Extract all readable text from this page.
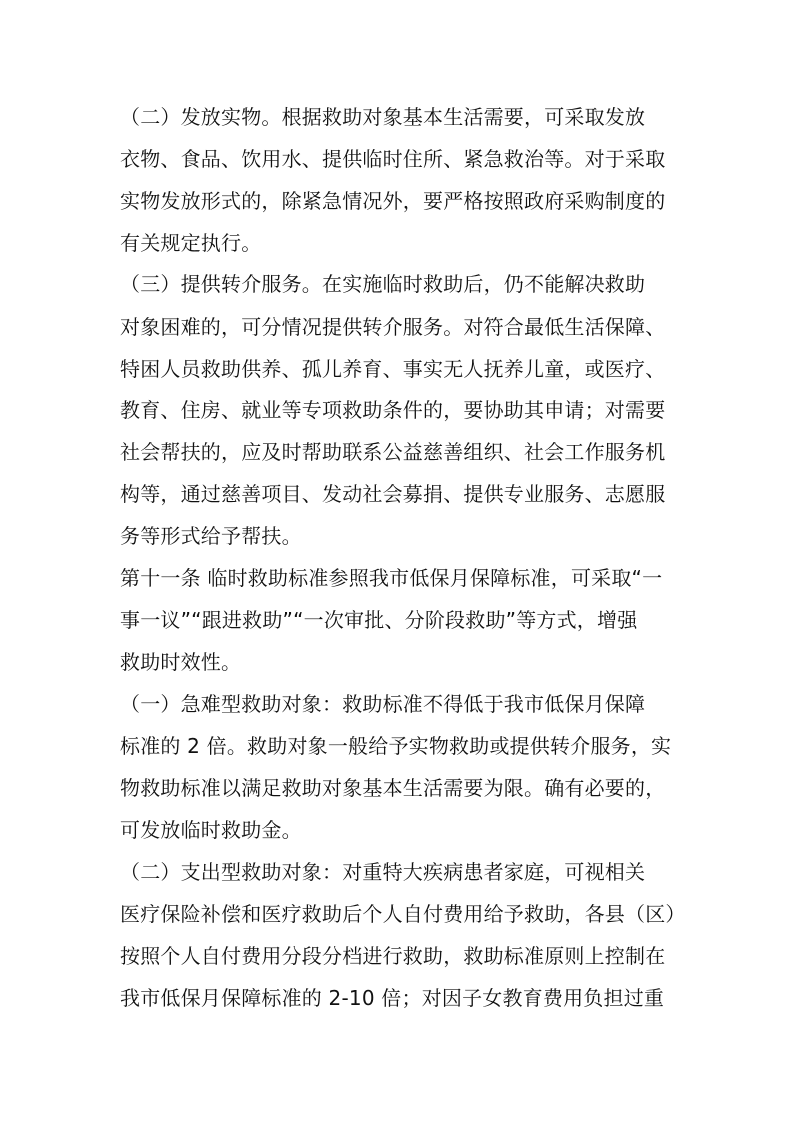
（二）发放实物。根据救助对象基本生活需要，可采取发放
衣物、食品、饮用水、提供临时住所、紧急救治等。对于采取
实物发放形式的，除紧急情况外，要严格按照政府采购制度的
有关规定执行。
（三）提供转介服务。在实施临时救助后，仍不能解决救助
对象困难的，可分情况提供转介服务。对符合最低生活保障、
特困人员救助供养、孤儿养育、事实无人抚养儿童，或医疗、
教育、住房、就业等专项救助条件的，要协助其申请；对需要
社会帮扶的，应及时帮助联系公益慈善组织、社会工作服务机
构等，通过慈善项目、发动社会募捐、提供专业服务、志愿服
务等形式给予帮扶。
第十一条 临时救助标准参照我市低保月保障标准，可采取“一
事一议”“跟进救助”“一次审批、分阶段救助”等方式，增强
救助时效性。
（一）急难型救助对象：救助标准不得低于我市低保月保障
标准的 2 倍。救助对象一般给予实物救助或提供转介服务，实
物救助标准以满足救助对象基本生活需要为限。确有必要的，
可发放临时救助金。
（二）支出型救助对象：对重特大疾病患者家庭，可视相关
医疗保险补偿和医疗救助后个人自付费用给予救助，各县（区）
按照个人自付费用分段分档进行救助，救助标准原则上控制在
我市低保月保障标准的 2-10 倍；对因子女教育费用负担过重
